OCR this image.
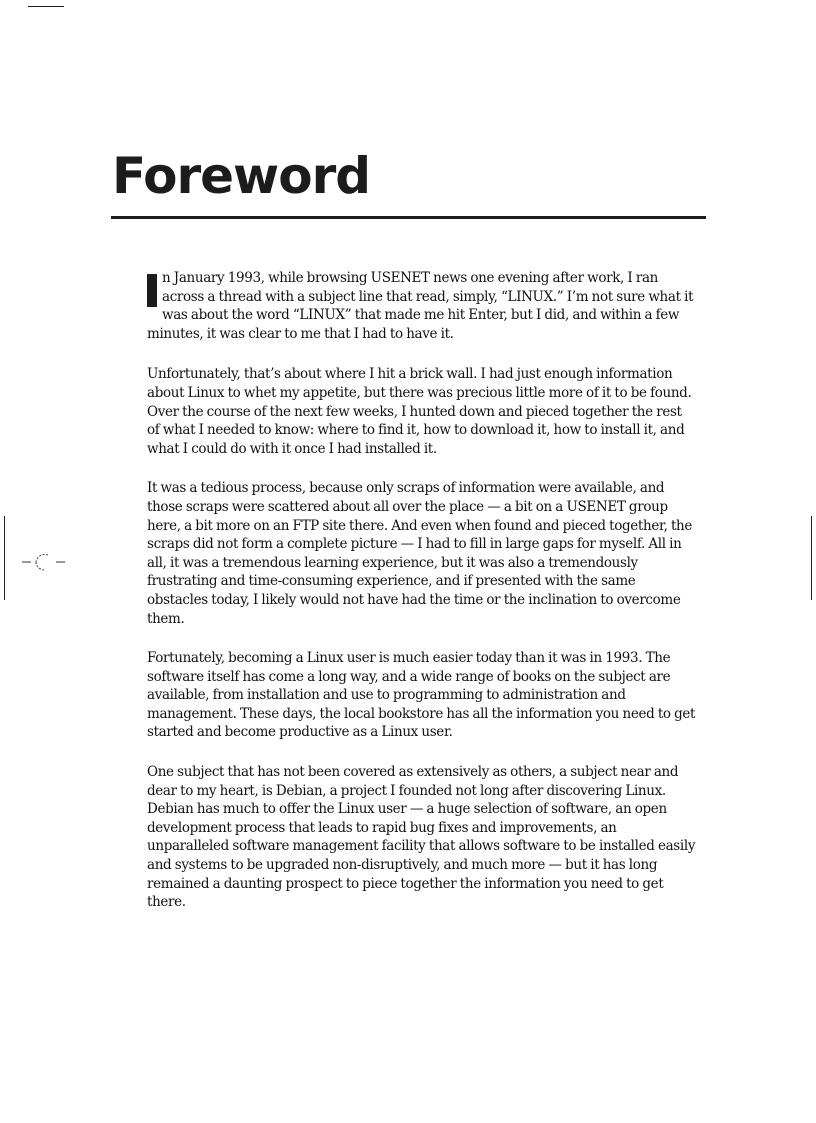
Foreword

n January 1993, while browsing USENET news one evening after work, I ran across a thread with a subject line that read, simply, “LINUX.” I’m not sure what it was about the word “LINUX” that made me hit Enter, but I did, and within a few minutes, it was clear to me that I had to have it.

Unfortunately, that’s about where I hit a brick wall. I had just enough information about Linux to whet my appetite, but there was precious little more of it to be found. Over the course of the next few weeks, I hunted down and pieced together the rest of what I needed to know: where to find it, how to download it, how to install it, and what I could do with it once I had installed it.

It was a tedious process, because only scraps of information were available, and those scraps were scattered about all over the place — a bit on a USENET group here, a bit more on an FTP site there. And even when found and pieced together, the scraps did not form a complete picture — I had to fill in large gaps for myself. All in all, it was a tremendous learning experience, but it was also a tremendously frustrating and time-consuming experience, and if presented with the same obstacles today, I likely would not have had the time or the inclination to overcome them.

Fortunately, becoming a Linux user is much easier today than it was in 1993. The software itself has come a long way, and a wide range of books on the subject are available, from installation and use to programming to administration and management. These days, the local bookstore has all the information you need to get started and become productive as a Linux user.

One subject that has not been covered as extensively as others, a subject near and dear to my heart, is Debian, a project I founded not long after discovering Linux. Debian has much to offer the Linux user — a huge selection of software, an open development process that leads to rapid bug fixes and improvements, an unparalleled software management facility that allows software to be installed easily and systems to be upgraded non-disruptively, and much more — but it has long remained a daunting prospect to piece together the information you need to get there.
